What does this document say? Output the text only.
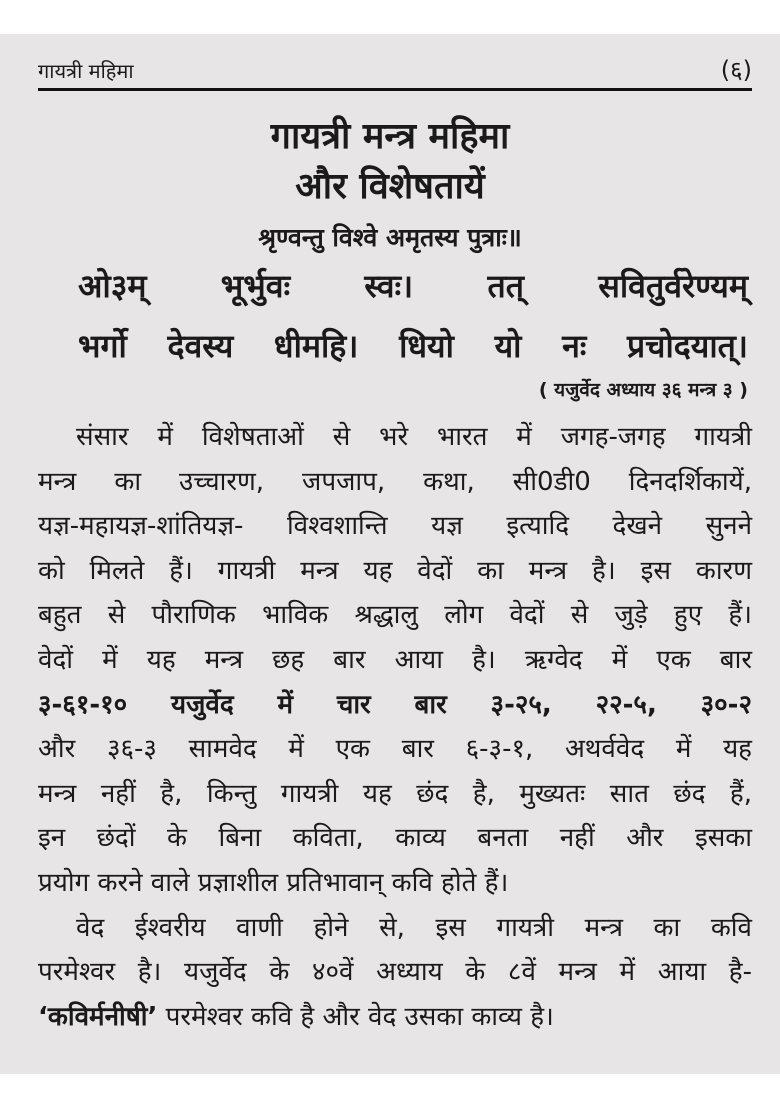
गायत्री महिमा	(६)
गायत्री मन्त्र महिमा
और विशेषतायें
श्रृण्वन्तु विश्वे अमृतस्य पुत्राः॥
ओ३म् भूर्भुवः स्वः। तत् सवितुर्वरेण्यम्
भर्गो देवस्य धीमहि। धियो यो नः प्रचोदयात्।
( यजुर्वेद अध्याय ३६ मन्त्र ३ )
संसार में विशेषताओं से भरे भारत में जगह-जगह गायत्री
मन्त्र का उच्चारण, जपजाप, कथा, सी0डी0 दिनदर्शिकायें,
यज्ञ-महायज्ञ-शांतियज्ञ- विश्वशान्ति यज्ञ इत्यादि देखने सुनने
को मिलते हैं। गायत्री मन्त्र यह वेदों का मन्त्र है। इस कारण
बहुत से पौराणिक भाविक श्रद्धालु लोग वेदों से जुड़े हुए हैं।
वेदों में यह मन्त्र छह बार आया है। ऋग्वेद में एक बार
३-६१-१० यजुर्वेद में चार बार ३-२५, २२-५, ३०-२
और ३६-३ सामवेद में एक बार ६-३-१, अथर्ववेद में यह
मन्त्र नहीं है, किन्तु गायत्री यह छंद है, मुख्यतः सात छंद हैं,
इन छंदों के बिना कविता, काव्य बनता नहीं और इसका
प्रयोग करने वाले प्रज्ञाशील प्रतिभावान् कवि होते हैं।
वेद ईश्वरीय वाणी होने से, इस गायत्री मन्त्र का कवि
परमेश्वर है। यजुर्वेद के ४०वें अध्याय के ८वें मन्त्र में आया है-
‘कविर्मनीषी’ परमेश्वर कवि है और वेद उसका काव्य है।
